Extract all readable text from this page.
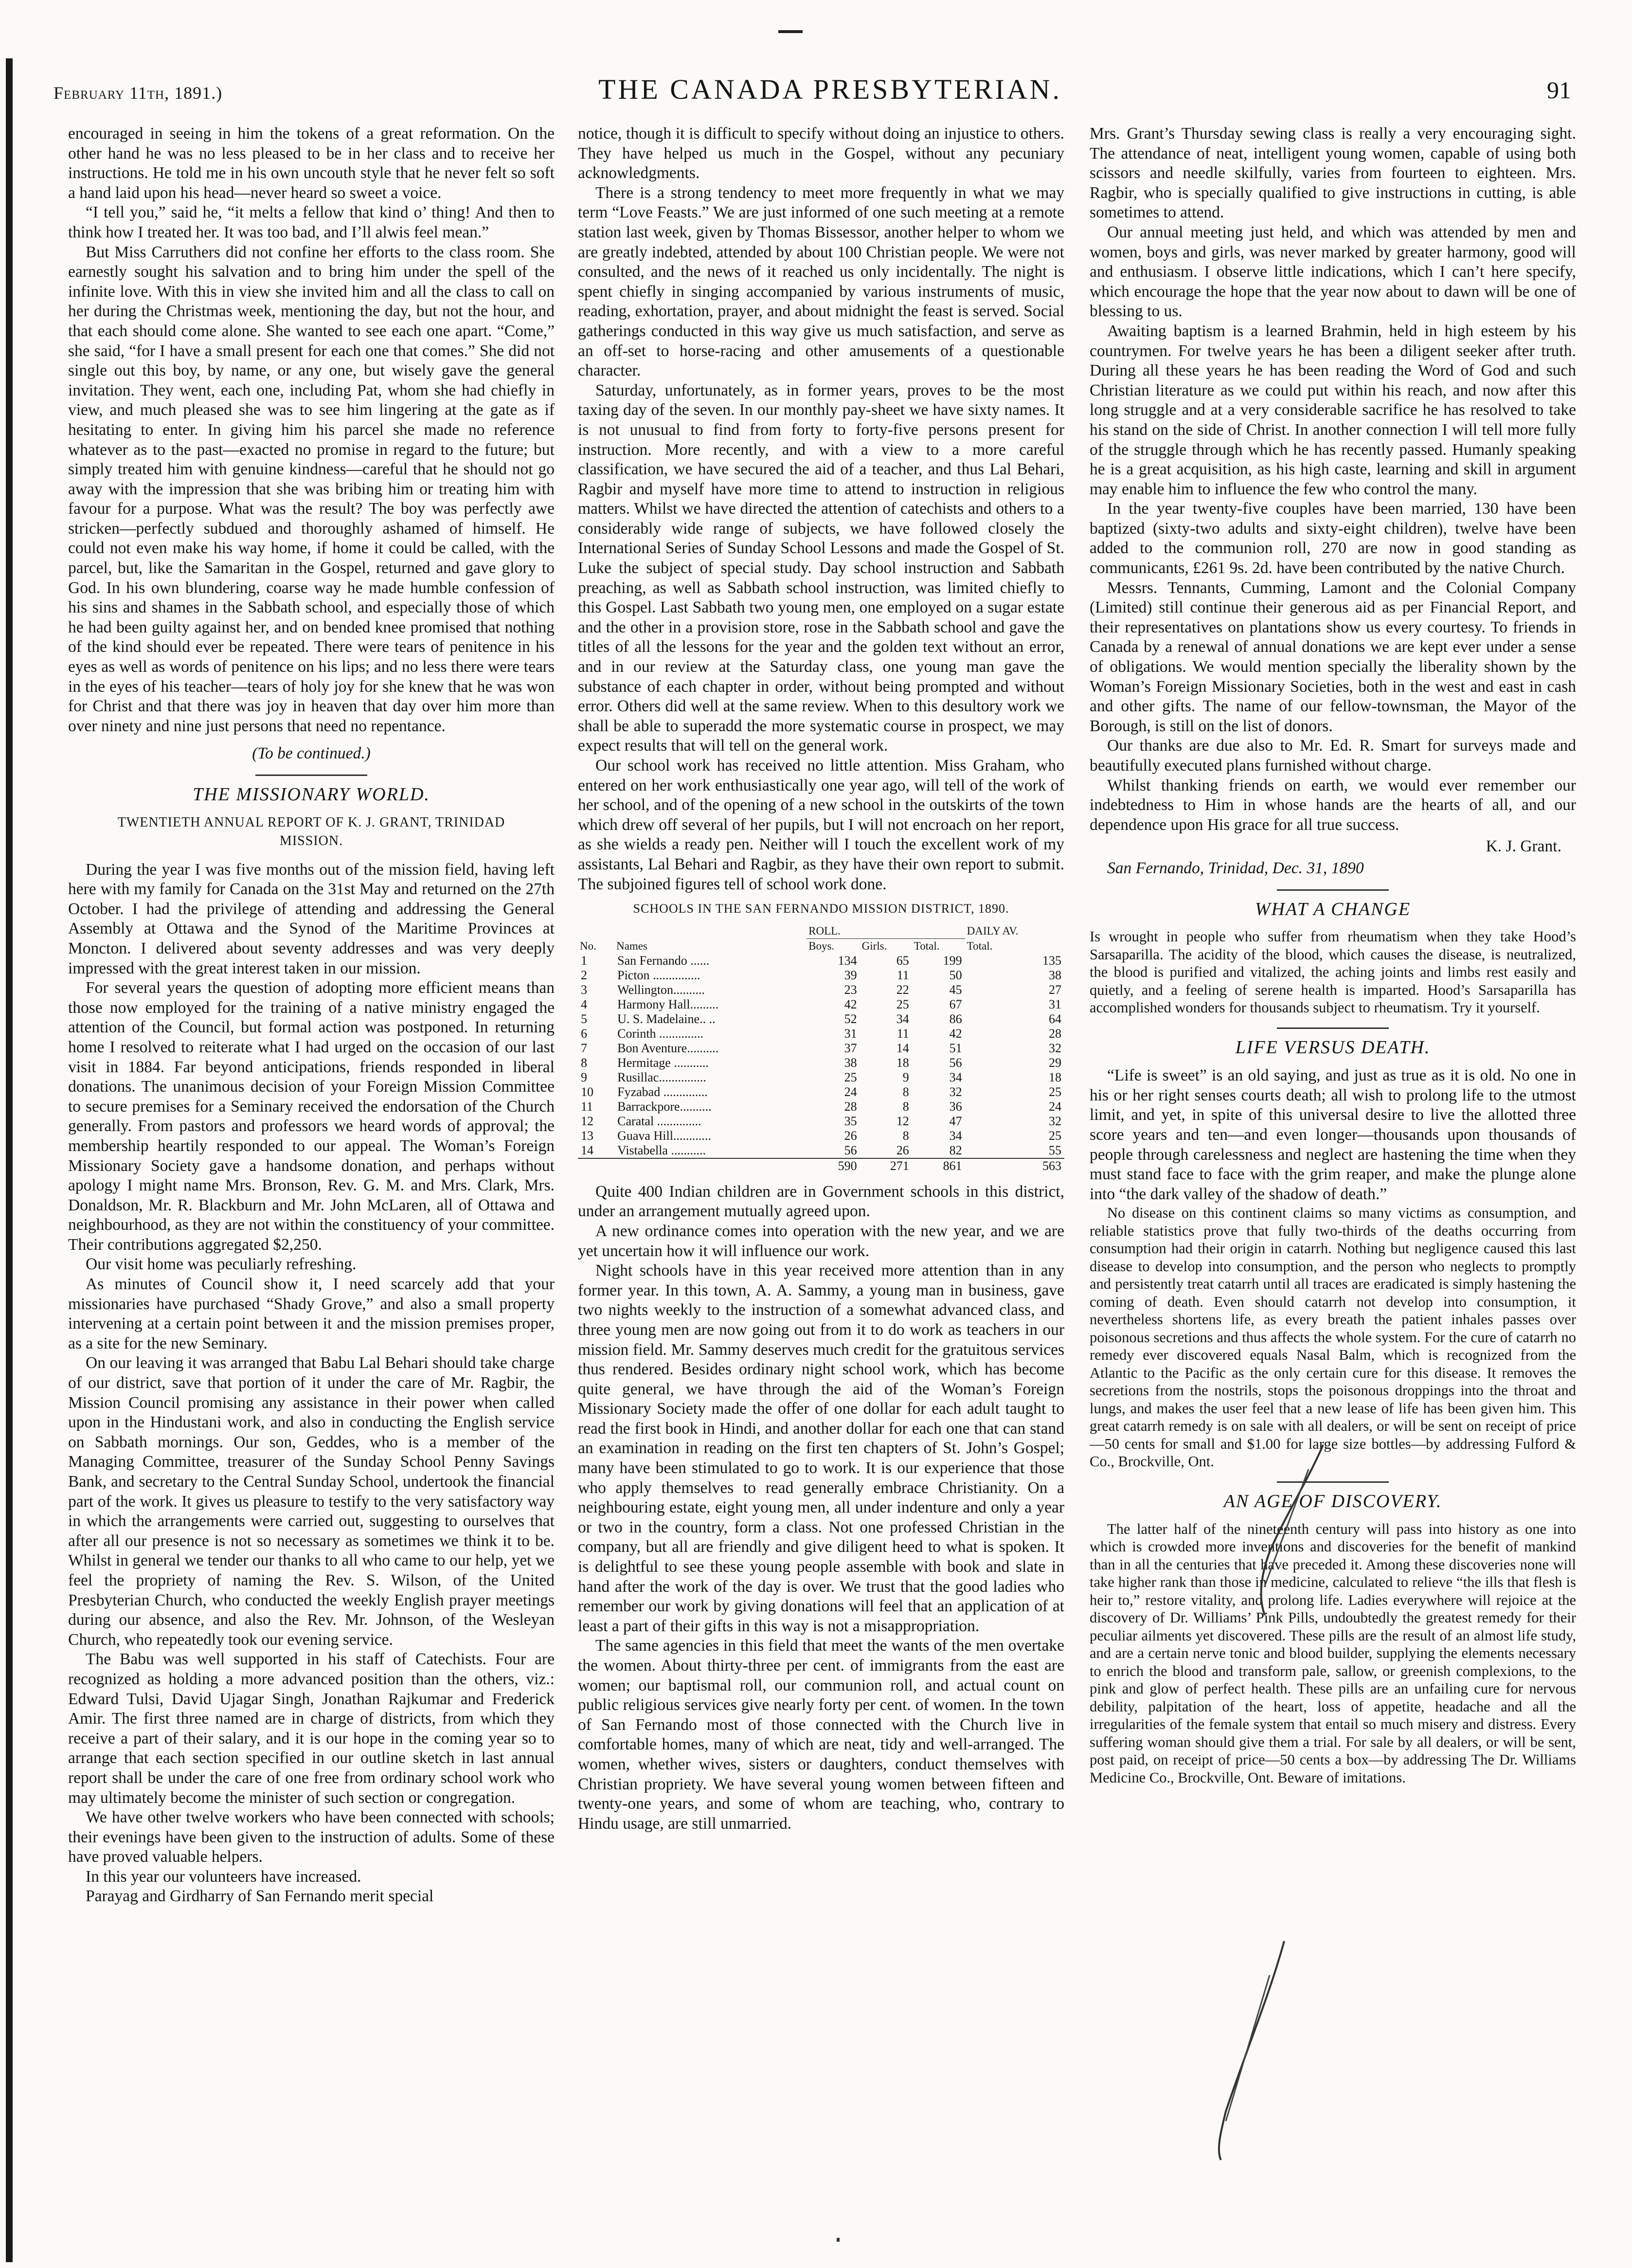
February 11th, 1891.)	THE CANADA PRESBYTERIAN.	91

encouraged in seeing in him the tokens of a great reformation. On the other hand he was no less pleased to be in her class and to receive her instructions. He told me in his own uncouth style that he never felt so soft a hand laid upon his head—never heard so sweet a voice.

“I tell you,” said he, “it melts a fellow that kind o’ thing! And then to think how I treated her. It was too bad, and I’ll alwis feel mean.”

But Miss Carruthers did not confine her efforts to the class room. She earnestly sought his salvation and to bring him under the spell of the infinite love. With this in view she invited him and all the class to call on her during the Christmas week, mentioning the day, but not the hour, and that each should come alone. She wanted to see each one apart. “Come,” she said, “for I have a small present for each one that comes.” She did not single out this boy, by name, or any one, but wisely gave the general invitation. They went, each one, including Pat, whom she had chiefly in view, and much pleased she was to see him lingering at the gate as if hesitating to enter. In giving him his parcel she made no reference whatever as to the past—exacted no promise in regard to the future; but simply treated him with genuine kindness—careful that he should not go away with the impression that she was bribing him or treating him with favour for a purpose. What was the result? The boy was perfectly awe stricken—perfectly subdued and thoroughly ashamed of himself. He could not even make his way home, if home it could be called, with the parcel, but, like the Samaritan in the Gospel, returned and gave glory to God. In his own blundering, coarse way he made humble confession of his sins and shames in the Sabbath school, and especially those of which he had been guilty against her, and on bended knee promised that nothing of the kind should ever be repeated. There were tears of penitence in his eyes as well as words of penitence on his lips; and no less there were tears in the eyes of his teacher—tears of holy joy for she knew that he was won for Christ and that there was joy in heaven that day over him more than over ninety and nine just persons that need no repentance.

(To be continued.)

THE MISSIONARY WORLD.
TWENTIETH ANNUAL REPORT OF K. J. GRANT, TRINIDAD MISSION.

During the year I was five months out of the mission field, having left here with my family for Canada on the 31st May and returned on the 27th October. I had the privilege of attending and addressing the General Assembly at Ottawa and the Synod of the Maritime Provinces at Moncton. I delivered about seventy addresses and was very deeply impressed with the great interest taken in our mission.

For several years the question of adopting more efficient means than those now employed for the training of a native ministry engaged the attention of the Council, but formal action was postponed. In returning home I resolved to reiterate what I had urged on the occasion of our last visit in 1884. Far beyond anticipations, friends responded in liberal donations. The unanimous decision of your Foreign Mission Committee to secure premises for a Seminary received the endorsation of the Church generally. From pastors and professors we heard words of approval; the membership heartily responded to our appeal. The Woman’s Foreign Missionary Society gave a handsome donation, and perhaps without apology I might name Mrs. Bronson, Rev. G. M. and Mrs. Clark, Mrs. Donaldson, Mr. R. Blackburn and Mr. John McLaren, all of Ottawa and neighbourhood, as they are not within the constituency of your committee. Their contributions aggregated $2,250.

Our visit home was peculiarly refreshing.

As minutes of Council show it, I need scarcely add that your missionaries have purchased “Shady Grove,” and also a small property intervening at a certain point between it and the mission premises proper, as a site for the new Seminary.

On our leaving it was arranged that Babu Lal Behari should take charge of our district, save that portion of it under the care of Mr. Ragbir, the Mission Council promising any assistance in their power when called upon in the Hindustani work, and also in conducting the English service on Sabbath mornings. Our son, Geddes, who is a member of the Managing Committee, treasurer of the Sunday School Penny Savings Bank, and secretary to the Central Sunday School, undertook the financial part of the work. It gives us pleasure to testify to the very satisfactory way in which the arrangements were carried out, suggesting to ourselves that after all our presence is not so necessary as sometimes we think it to be. Whilst in general we tender our thanks to all who came to our help, yet we feel the propriety of naming the Rev. S. Wilson, of the United Presbyterian Church, who conducted the weekly English prayer meetings during our absence, and also the Rev. Mr. Johnson, of the Wesleyan Church, who repeatedly took our evening service.

The Babu was well supported in his staff of Catechists. Four are recognized as holding a more advanced position than the others, viz.: Edward Tulsi, David Ujagar Singh, Jonathan Rajkumar and Frederick Amir. The first three named are in charge of districts, from which they receive a part of their salary, and it is our hope in the coming year so to arrange that each section specified in our outline sketch in last annual report shall be under the care of one free from ordinary school work who may ultimately become the minister of such section or congregation.

We have other twelve workers who have been connected with schools; their evenings have been given to the instruction of adults. Some of these have proved valuable helpers.

In this year our volunteers have increased.

Parayag and Girdharry of San Fernando merit special

notice, though it is difficult to specify without doing an injustice to others. They have helped us much in the Gospel, without any pecuniary acknowledgments.

There is a strong tendency to meet more frequently in what we may term “Love Feasts.” We are just informed of one such meeting at a remote station last week, given by Thomas Bissessor, another helper to whom we are greatly indebted, attended by about 100 Christian people. We were not consulted, and the news of it reached us only incidentally. The night is spent chiefly in singing accompanied by various instruments of music, reading, exhortation, prayer, and about midnight the feast is served. Social gatherings conducted in this way give us much satisfaction, and serve as an off-set to horse-racing and other amusements of a questionable character.

Saturday, unfortunately, as in former years, proves to be the most taxing day of the seven. In our monthly pay-sheet we have sixty names. It is not unusual to find from forty to forty-five persons present for instruction. More recently, and with a view to a more careful classification, we have secured the aid of a teacher, and thus Lal Behari, Ragbir and myself have more time to attend to instruction in religious matters. Whilst we have directed the attention of catechists and others to a considerably wide range of subjects, we have followed closely the International Series of Sunday School Lessons and made the Gospel of St. Luke the subject of special study. Day school instruction and Sabbath preaching, as well as Sabbath school instruction, was limited chiefly to this Gospel. Last Sabbath two young men, one employed on a sugar estate and the other in a provision store, rose in the Sabbath school and gave the titles of all the lessons for the year and the golden text without an error, and in our review at the Saturday class, one young man gave the substance of each chapter in order, without being prompted and without error. Others did well at the same review. When to this desultory work we shall be able to superadd the more systematic course in prospect, we may expect results that will tell on the general work.

Our school work has received no little attention. Miss Graham, who entered on her work enthusiastically one year ago, will tell of the work of her school, and of the opening of a new school in the outskirts of the town which drew off several of her pupils, but I will not encroach on her report, as she wields a ready pen. Neither will I touch the excellent work of my assistants, Lal Behari and Ragbir, as they have their own report to submit. The subjoined figures tell of school work done.

SCHOOLS IN THE SAN FERNANDO MISSION DISTRICT, 1890.
		ROLL.			DAILY AV.
No.	Names	Boys.	Girls.	Total.	Total.
1	San Fernando ......	134	65	199	135
2	Picton ...............	39	11	50	38
3	Wellington..........	23	22	45	27
4	Harmony Hall.........	42	25	67	31
5	U. S. Madelaine.. ..	52	34	86	64
6	Corinth ..............	31	11	42	28
7	Bon Aventure..........	37	14	51	32
8	Hermitage ...........	38	18	56	29
9	Rusillac...............	25	9	34	18
10	Fyzabad ..............	24	8	32	25
11	Barrackpore..........	28	8	36	24
12	Caratal ..............	35	12	47	32
13	Guava Hill............	26	8	34	25
14	Vistabella ...........	56	26	82	55
		590	271	861	563

Quite 400 Indian children are in Government schools in this district, under an arrangement mutually agreed upon.

A new ordinance comes into operation with the new year, and we are yet uncertain how it will influence our work.

Night schools have in this year received more attention than in any former year. In this town, A. A. Sammy, a young man in business, gave two nights weekly to the instruction of a somewhat advanced class, and three young men are now going out from it to do work as teachers in our mission field. Mr. Sammy deserves much credit for the gratuitous services thus rendered. Besides ordinary night school work, which has become quite general, we have through the aid of the Woman’s Foreign Missionary Society made the offer of one dollar for each adult taught to read the first book in Hindi, and another dollar for each one that can stand an examination in reading on the first ten chapters of St. John’s Gospel; many have been stimulated to go to work. It is our experience that those who apply themselves to read generally embrace Christianity. On a neighbouring estate, eight young men, all under indenture and only a year or two in the country, form a class. Not one professed Christian in the company, but all are friendly and give diligent heed to what is spoken. It is delightful to see these young people assemble with book and slate in hand after the work of the day is over. We trust that the good ladies who remember our work by giving donations will feel that an application of at least a part of their gifts in this way is not a misappropriation.

The same agencies in this field that meet the wants of the men overtake the women. About thirty-three per cent. of immigrants from the east are women; our baptismal roll, our communion roll, and actual count on public religious services give nearly forty per cent. of women. In the town of San Fernando most of those connected with the Church live in comfortable homes, many of which are neat, tidy and well-arranged. The women, whether wives, sisters or daughters, conduct themselves with Christian propriety. We have several young women between fifteen and twenty-one years, and some of whom are teaching, who, contrary to Hindu usage, are still unmarried.

Mrs. Grant’s Thursday sewing class is really a very encouraging sight. The attendance of neat, intelligent young women, capable of using both scissors and needle skilfully, varies from fourteen to eighteen. Mrs. Ragbir, who is specially qualified to give instructions in cutting, is able sometimes to attend.

Our annual meeting just held, and which was attended by men and women, boys and girls, was never marked by greater harmony, good will and enthusiasm. I observe little indications, which I can’t here specify, which encourage the hope that the year now about to dawn will be one of blessing to us.

Awaiting baptism is a learned Brahmin, held in high esteem by his countrymen. For twelve years he has been a diligent seeker after truth. During all these years he has been reading the Word of God and such Christian literature as we could put within his reach, and now after this long struggle and at a very considerable sacrifice he has resolved to take his stand on the side of Christ. In another connection I will tell more fully of the struggle through which he has recently passed. Humanly speaking he is a great acquisition, as his high caste, learning and skill in argument may enable him to influence the few who control the many.

In the year twenty-five couples have been married, 130 have been baptized (sixty-two adults and sixty-eight children), twelve have been added to the communion roll, 270 are now in good standing as communicants, £261 9s. 2d. have been contributed by the native Church.

Messrs. Tennants, Cumming, Lamont and the Colonial Company (Limited) still continue their generous aid as per Financial Report, and their representatives on plantations show us every courtesy. To friends in Canada by a renewal of annual donations we are kept ever under a sense of obligations. We would mention specially the liberality shown by the Woman’s Foreign Missionary Societies, both in the west and east in cash and other gifts. The name of our fellow-townsman, the Mayor of the Borough, is still on the list of donors.

Our thanks are due also to Mr. Ed. R. Smart for surveys made and beautifully executed plans furnished without charge.

Whilst thanking friends on earth, we would ever remember our indebtedness to Him in whose hands are the hearts of all, and our dependence upon His grace for all true success.

K. J. Grant.

San Fernando, Trinidad, Dec. 31, 1890

WHAT A CHANGE

Is wrought in people who suffer from rheumatism when they take Hood’s Sarsaparilla. The acidity of the blood, which causes the disease, is neutralized, the blood is purified and vitalized, the aching joints and limbs rest easily and quietly, and a feeling of serene health is imparted. Hood’s Sarsaparilla has accomplished wonders for thousands subject to rheumatism. Try it yourself.

LIFE VERSUS DEATH.

“Life is sweet” is an old saying, and just as true as it is old. No one in his or her right senses courts death; all wish to prolong life to the utmost limit, and yet, in spite of this universal desire to live the allotted three score years and ten—and even longer—thousands upon thousands of people through carelessness and neglect are hastening the time when they must stand face to face with the grim reaper, and make the plunge alone into “the dark valley of the shadow of death.”

No disease on this continent claims so many victims as consumption, and reliable statistics prove that fully two-thirds of the deaths occurring from consumption had their origin in catarrh. Nothing but negligence caused this last disease to develop into consumption, and the person who neglects to promptly and persistently treat catarrh until all traces are eradicated is simply hastening the coming of death. Even should catarrh not develop into consumption, it nevertheless shortens life, as every breath the patient inhales passes over poisonous secretions and thus affects the whole system. For the cure of catarrh no remedy ever discovered equals Nasal Balm, which is recognized from the Atlantic to the Pacific as the only certain cure for this disease. It removes the secretions from the nostrils, stops the poisonous droppings into the throat and lungs, and makes the user feel that a new lease of life has been given him. This great catarrh remedy is on sale with all dealers, or will be sent on receipt of price—50 cents for small and $1.00 for large size bottles—by addressing Fulford & Co., Brockville, Ont.

AN AGE OF DISCOVERY.

The latter half of the nineteenth century will pass into history as one into which is crowded more inventions and discoveries for the benefit of mankind than in all the centuries that have preceded it. Among these discoveries none will take higher rank than those in medicine, calculated to relieve “the ills that flesh is heir to,” restore vitality, and prolong life. Ladies everywhere will rejoice at the discovery of Dr. Williams’ Pink Pills, undoubtedly the greatest remedy for their peculiar ailments yet discovered. These pills are the result of an almost life study, and are a certain nerve tonic and blood builder, supplying the elements necessary to enrich the blood and transform pale, sallow, or greenish complexions, to the pink and glow of perfect health. These pills are an unfailing cure for nervous debility, palpitation of the heart, loss of appetite, headache and all the irregularities of the female system that entail so much misery and distress. Every suffering woman should give them a trial. For sale by all dealers, or will be sent, post paid, on receipt of price—50 cents a box—by addressing The Dr. Williams Medicine Co., Brockville, Ont. Beware of imitations.
